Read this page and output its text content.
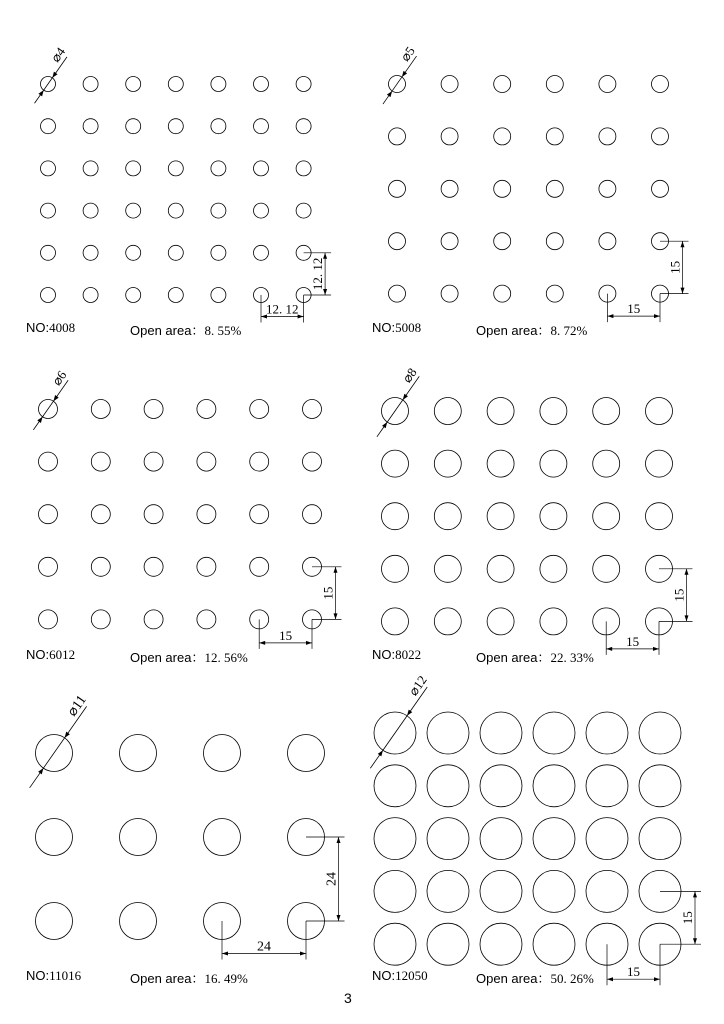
⌀4
12. 12
12. 12
⌀5
15
15
⌀6
15
15
⌀8
15
15
⌀11
24
24
⌀12
15
15
NO:4008	Open area：8. 55%	NO:5008	Open area：8. 72%
NO:6012	Open area：12. 56%	NO:8022	Open area：22. 33%
NO:11016	Open area：16. 49%	NO:12050	Open area：50. 26%
3
